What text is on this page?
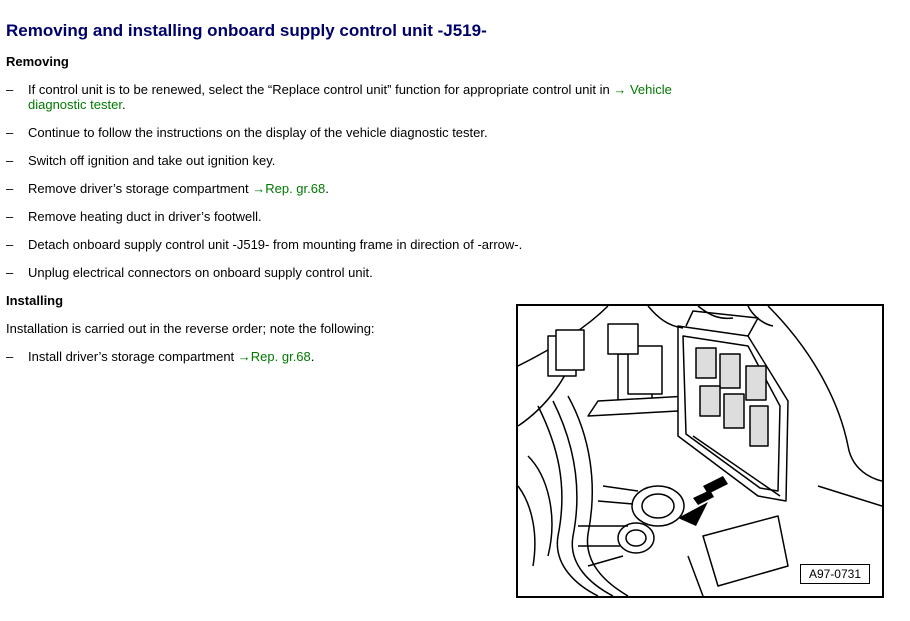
Removing and installing onboard supply control unit -J519-
Removing
– If control unit is to be renewed, select the “Replace control unit” function for appropriate control unit in → Vehicle diagnostic tester.
– Continue to follow the instructions on the display of the vehicle diagnostic tester.
– Switch off ignition and take out ignition key.
– Remove driver’s storage compartment →Rep. gr.68.
– Remove heating duct in driver’s footwell.
– Detach onboard supply control unit -J519- from mounting frame in direction of -arrow-.
– Unplug electrical connectors on onboard supply control unit.
Installing

Installation is carried out in the reverse order; note the following:

– Install driver’s storage compartment →Rep. gr.68.
A97-0731
